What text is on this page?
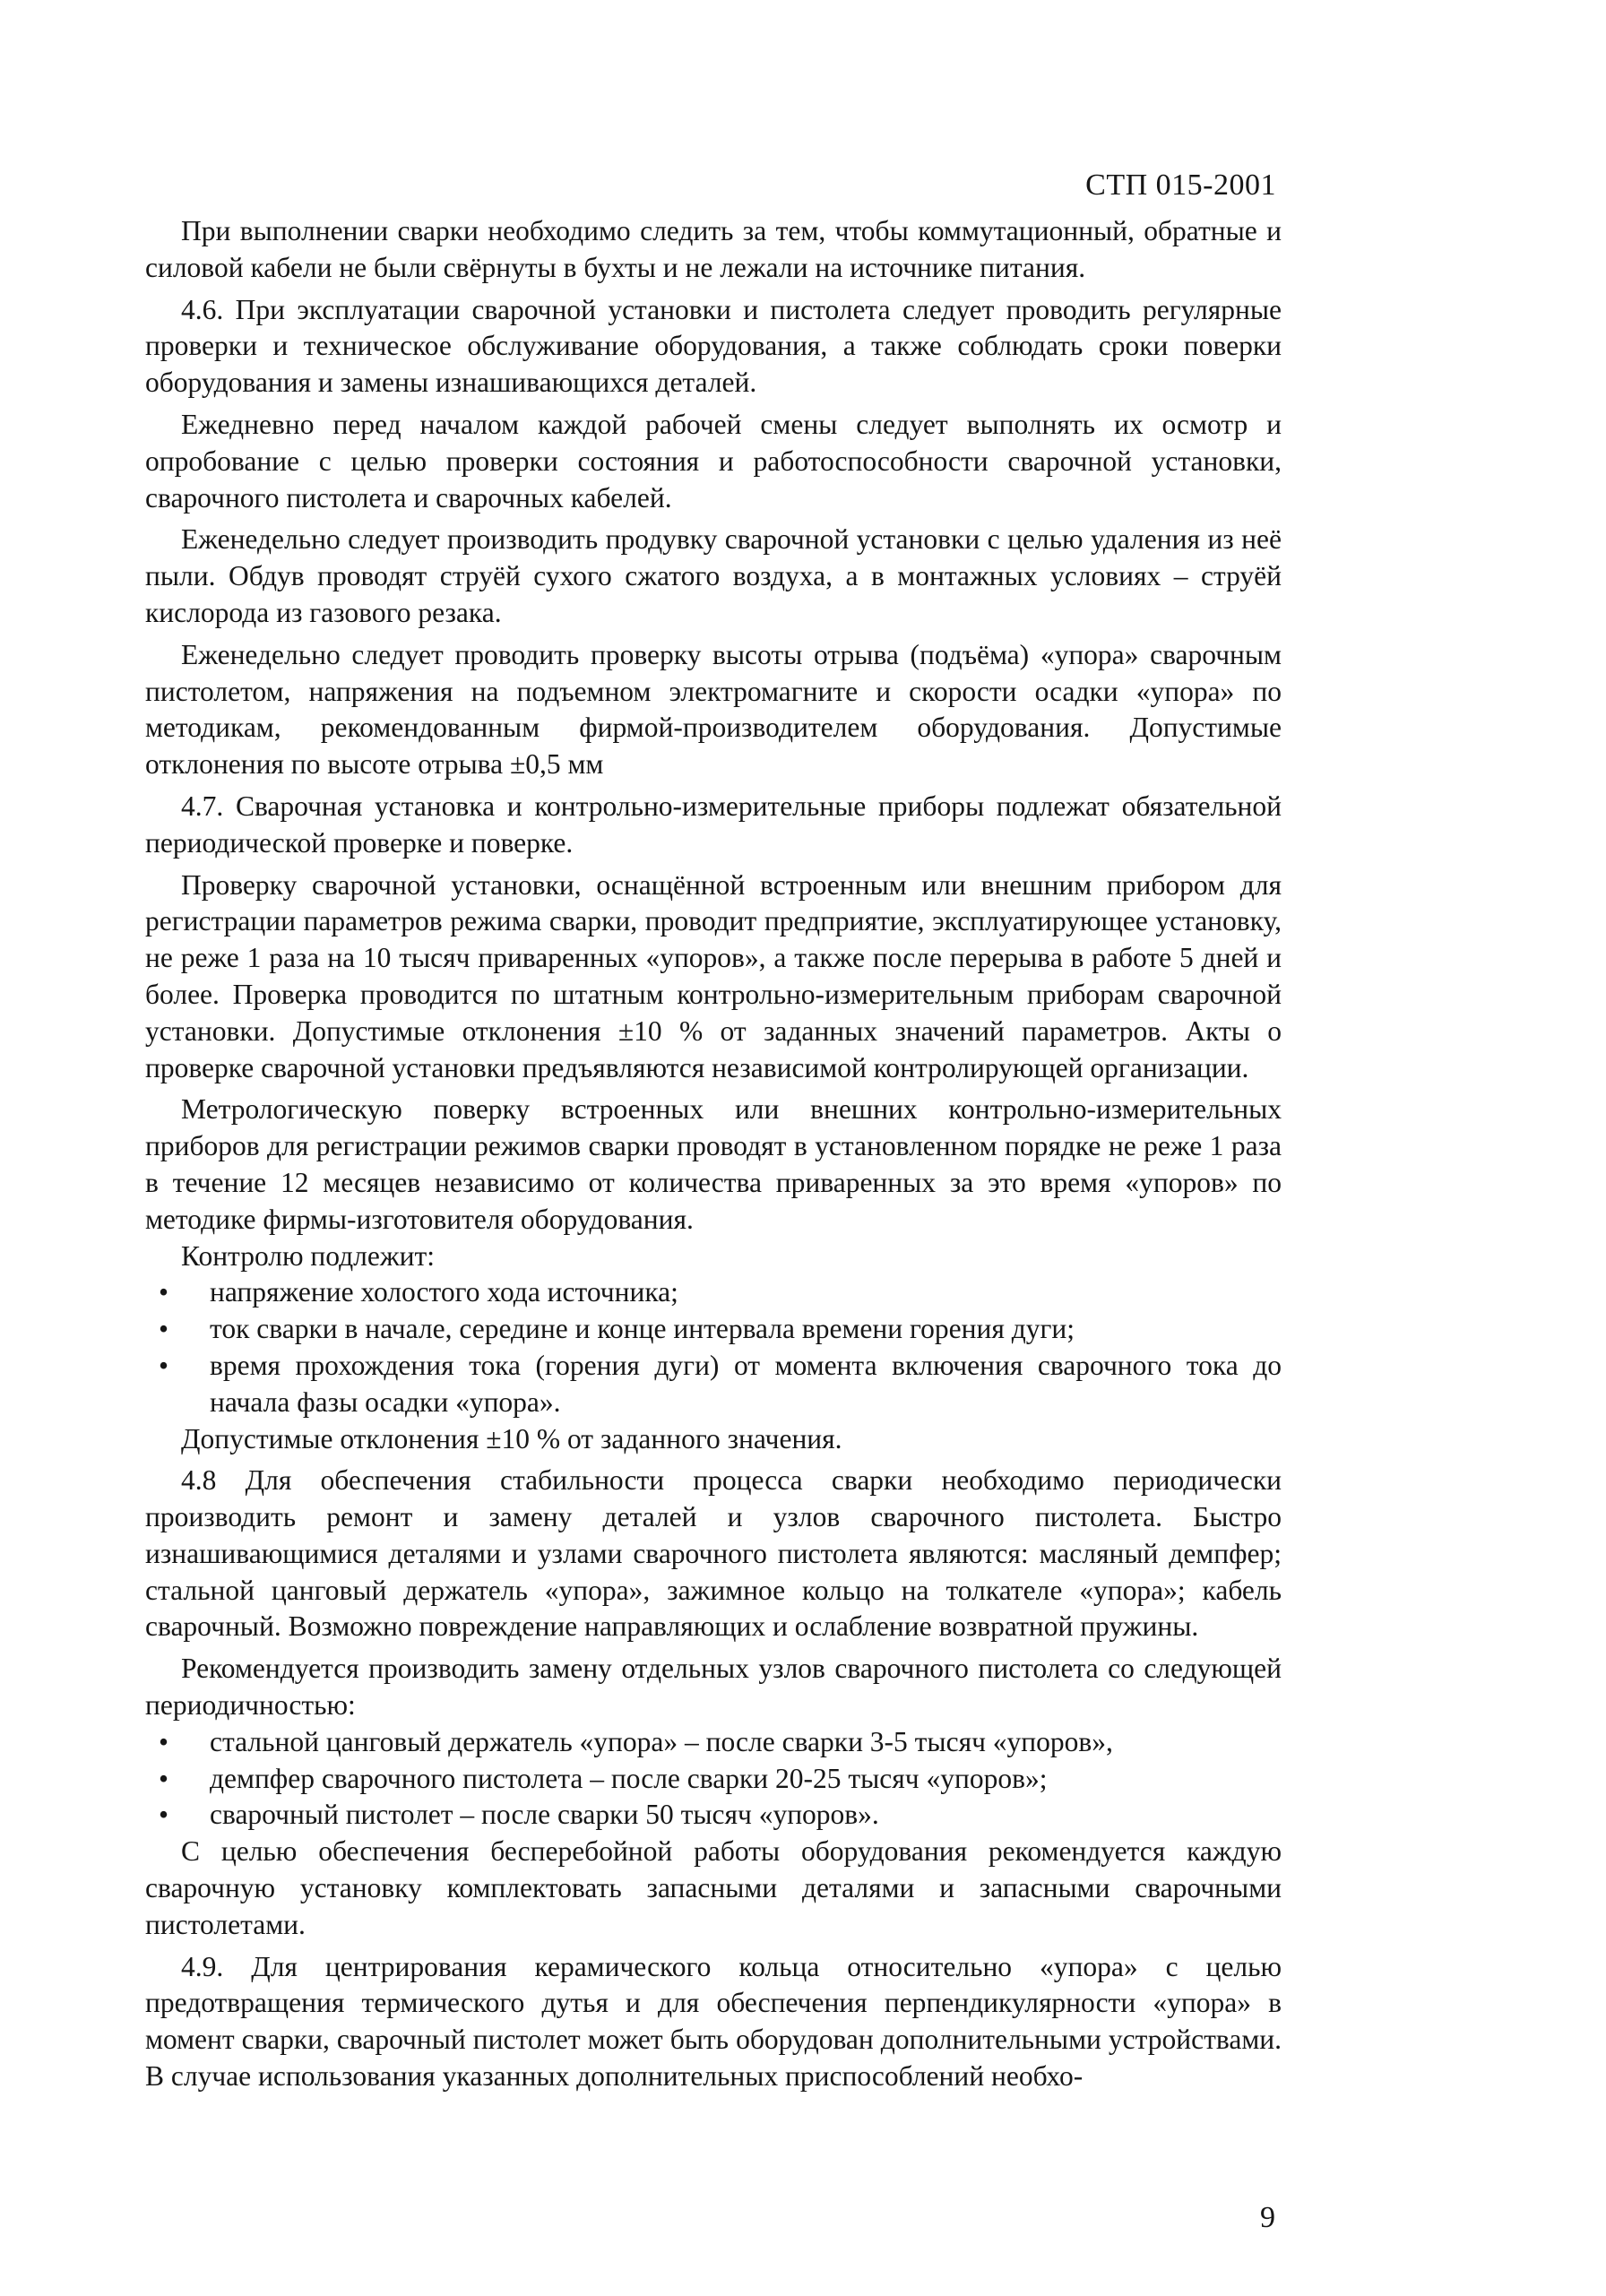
СТП 015-2001

При выполнении сварки необходимо следить за тем, чтобы коммутационный, обратные и силовой кабели не были свёрнуты в бухты и не лежали на источнике питания.

4.6. При эксплуатации сварочной установки и пистолета следует проводить регулярные проверки и техническое обслуживание оборудования, а также соблюдать сроки поверки оборудования и замены изнашивающихся деталей.

Ежедневно перед началом каждой рабочей смены следует выполнять их осмотр и опробование с целью проверки состояния и работоспособности сварочной установки, сварочного пистолета и сварочных кабелей.

Еженедельно следует производить продувку сварочной установки с целью удаления из неё пыли. Обдув проводят струёй сухого сжатого воздуха, а в монтажных условиях – струёй кислорода из газового резака.

Еженедельно следует проводить проверку высоты отрыва (подъёма) «упора» сварочным пистолетом, напряжения на подъемном электромагните и скорости осадки «упора» по методикам, рекомендованным фирмой-производителем оборудования. Допустимые отклонения по высоте отрыва ±0,5 мм

4.7. Сварочная установка и контрольно-измерительные приборы подлежат обязательной периодической проверке и поверке.

Проверку сварочной установки, оснащённой встроенным или внешним прибором для регистрации параметров режима сварки, проводит предприятие, эксплуатирующее установку, не реже 1 раза на 10 тысяч приваренных «упоров», а также после перерыва в работе 5 дней и более. Проверка проводится по штатным контрольно-измерительным приборам сварочной установки. Допустимые отклонения ±10 % от заданных значений параметров. Акты о проверке сварочной установки предъявляются независимой контролирующей организации.

Метрологическую поверку встроенных или внешних контрольно-измерительных приборов для регистрации режимов сварки проводят в установленном порядке не реже 1 раза в течение 12 месяцев независимо от количества приваренных за это время «упоров» по методике фирмы-изготовителя оборудования.

Контролю подлежит:

• напряжение холостого хода источника;
• ток сварки в начале, середине и конце интервала времени горения дуги;
• время прохождения тока (горения дуги) от момента включения сварочного тока до начала фазы осадки «упора».

Допустимые отклонения ±10 % от заданного значения.

4.8 Для обеспечения стабильности процесса сварки необходимо периодически производить ремонт и замену деталей и узлов сварочного пистолета. Быстро изнашивающимися деталями и узлами сварочного пистолета являются: масляный демпфер; стальной цанговый держатель «упора», зажимное кольцо на толкателе «упора»; кабель сварочный. Возможно повреждение направляющих и ослабление возвратной пружины.

Рекомендуется производить замену отдельных узлов сварочного пистолета со следующей периодичностью:

• стальной цанговый держатель «упора» – после сварки 3-5 тысяч «упоров»,
• демпфер сварочного пистолета – после сварки 20-25 тысяч «упоров»;
• сварочный пистолет – после сварки 50 тысяч «упоров».

С целью обеспечения бесперебойной работы оборудования рекомендуется каждую сварочную установку комплектовать запасными деталями и запасными сварочными пистолетами.

4.9. Для центрирования керамического кольца относительно «упора» с целью предотвращения термического дутья и для обеспечения перпендикулярности «упора» в момент сварки, сварочный пистолет может быть оборудован дополнительными устройствами. В случае использования указанных дополнительных приспособлений необхо-

9
